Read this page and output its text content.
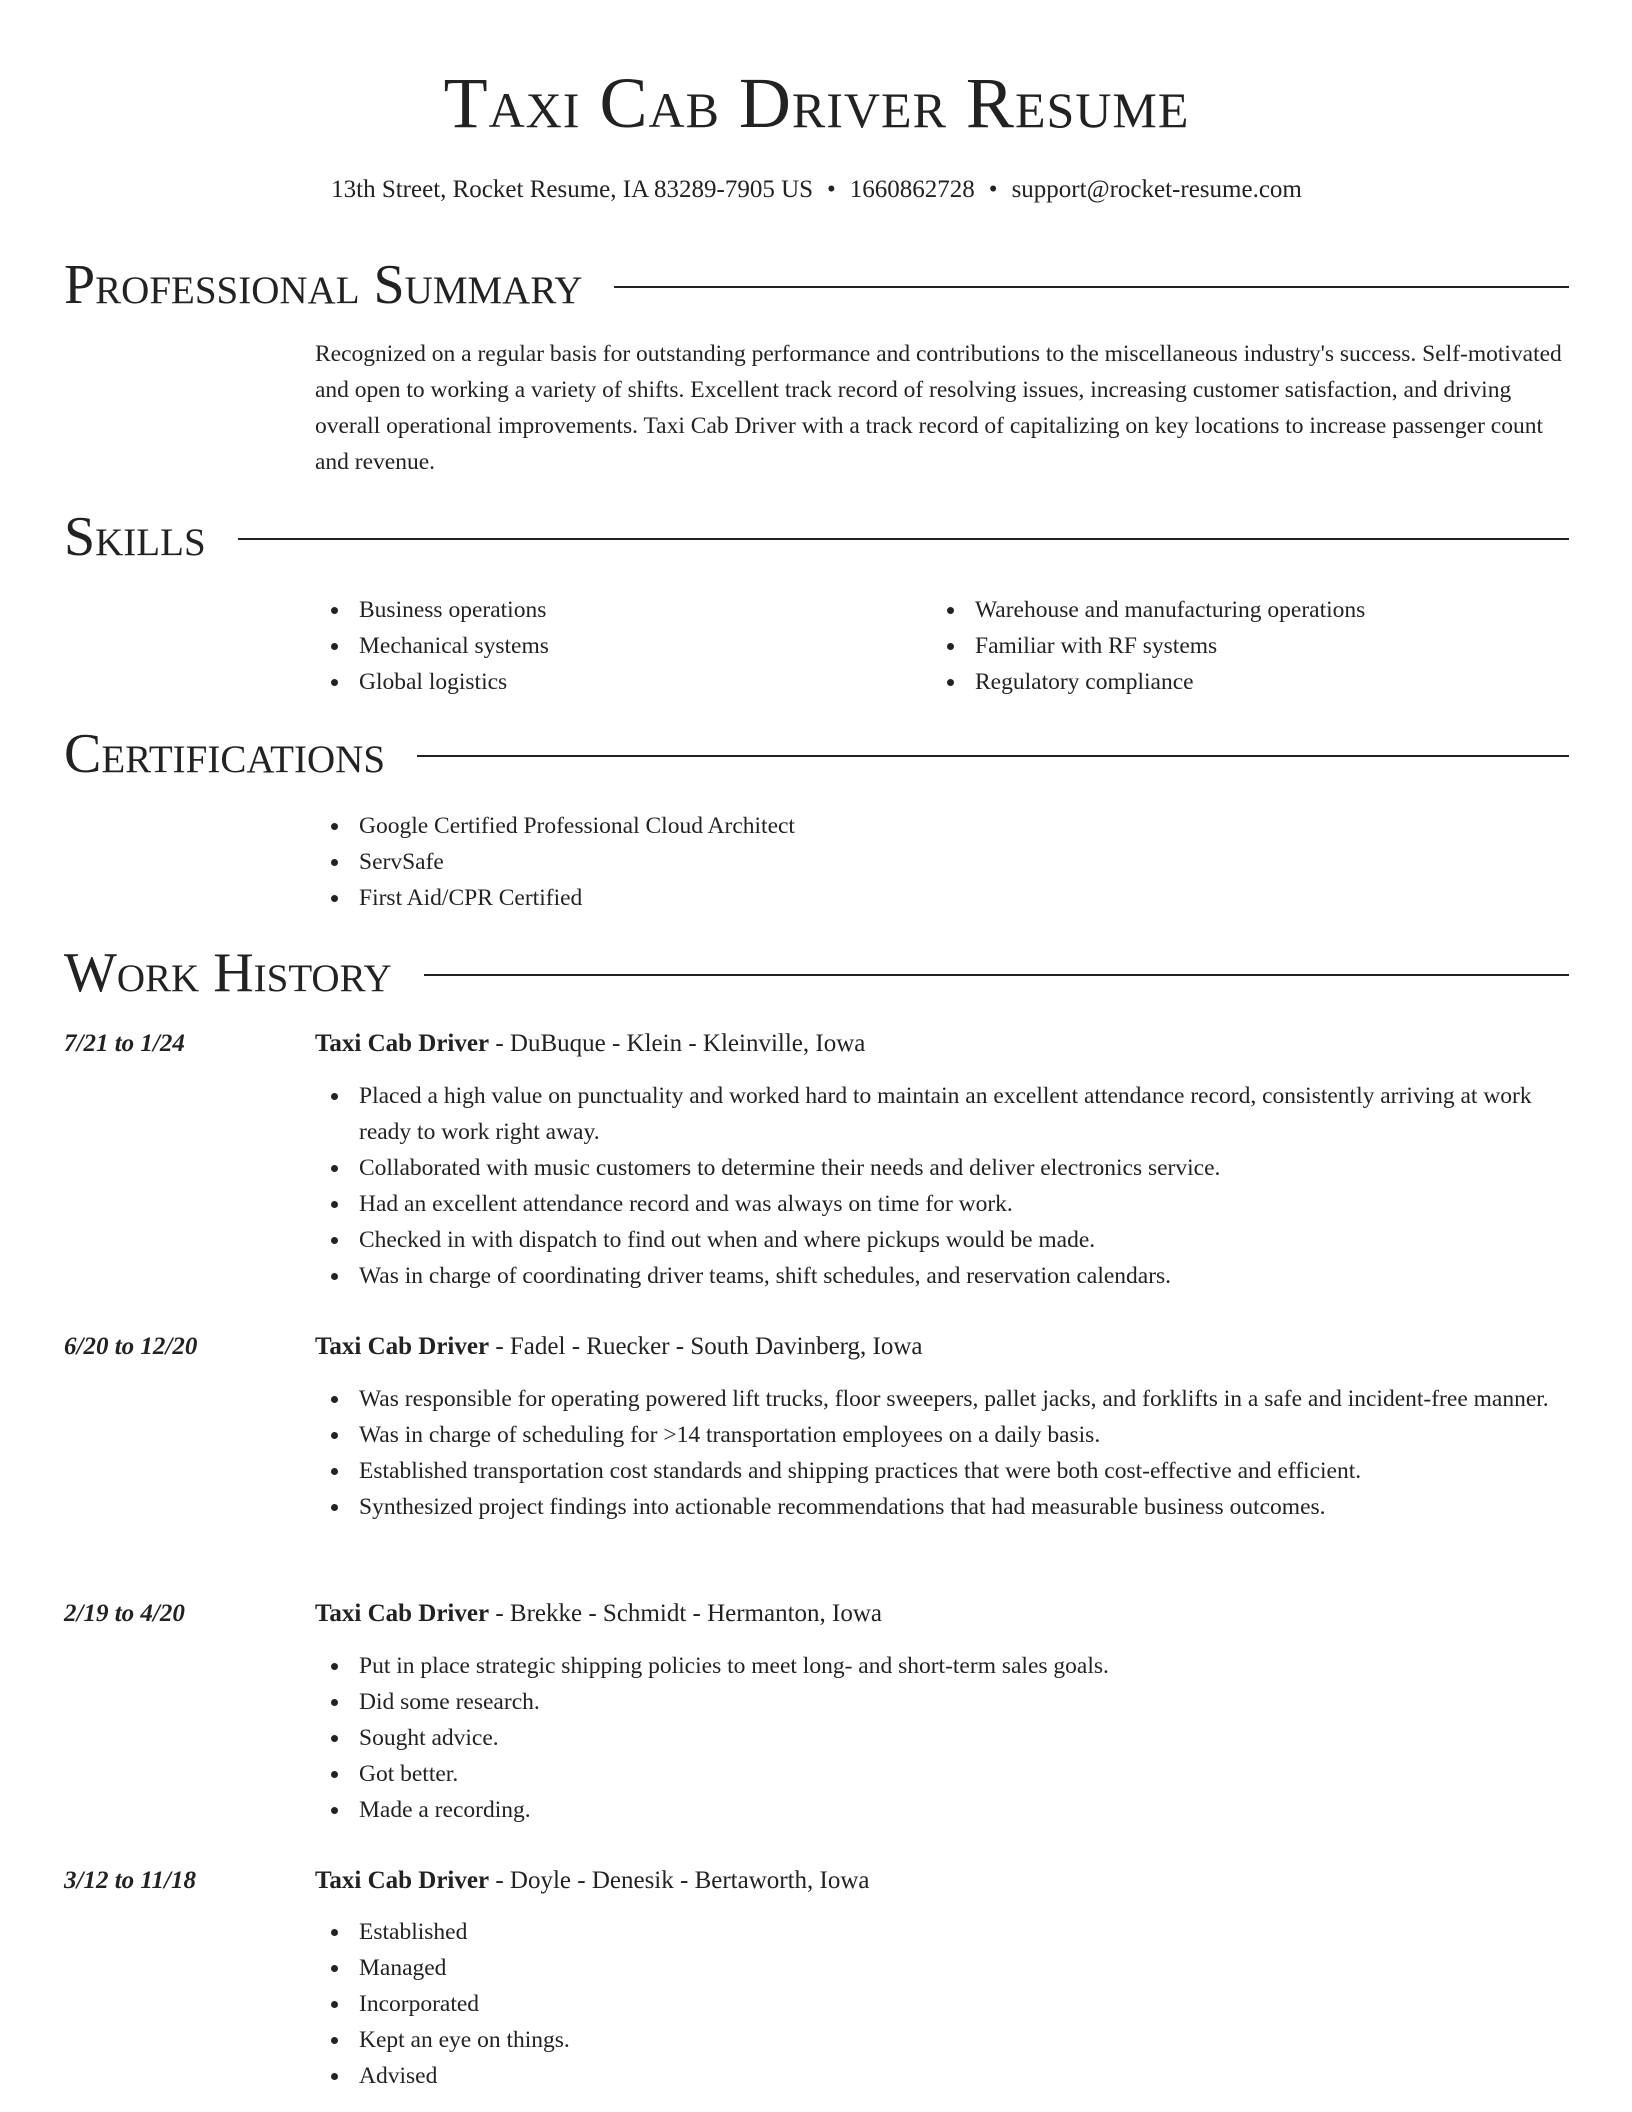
Taxi Cab Driver Resume
13th Street, Rocket Resume, IA 83289-7905 US • 1660862728 • support@rocket-resume.com
Professional Summary

Recognized on a regular basis for outstanding performance and contributions to the miscellaneous industry's success. Self-motivated and open to working a variety of shifts. Excellent track record of resolving issues, increasing customer satisfaction, and driving overall operational improvements. Taxi Cab Driver with a track record of capitalizing on key locations to increase passenger count and revenue.

Skills
Business operations
Mechanical systems
Global logistics
Warehouse and manufacturing operations
Familiar with RF systems
Regulatory compliance
Certifications
Google Certified Professional Cloud Architect
ServSafe
First Aid/CPR Certified
Work History
7/21 to 1/24	Taxi Cab Driver - DuBuque - Klein - Kleinville, Iowa
Placed a high value on punctuality and worked hard to maintain an excellent attendance record, consistently arriving at work ready to work right away.
Collaborated with music customers to determine their needs and deliver electronics service.
Had an excellent attendance record and was always on time for work.
Checked in with dispatch to find out when and where pickups would be made.
Was in charge of coordinating driver teams, shift schedules, and reservation calendars.
6/20 to 12/20	Taxi Cab Driver - Fadel - Ruecker - South Davinberg, Iowa
Was responsible for operating powered lift trucks, floor sweepers, pallet jacks, and forklifts in a safe and incident-free manner.
Was in charge of scheduling for >14 transportation employees on a daily basis.
Established transportation cost standards and shipping practices that were both cost-effective and efficient.
Synthesized project findings into actionable recommendations that had measurable business outcomes.
2/19 to 4/20	Taxi Cab Driver - Brekke - Schmidt - Hermanton, Iowa
Put in place strategic shipping policies to meet long- and short-term sales goals.
Did some research.
Sought advice.
Got better.
Made a recording.
3/12 to 11/18	Taxi Cab Driver - Doyle - Denesik - Bertaworth, Iowa
Established
Managed
Incorporated
Kept an eye on things.
Advised
